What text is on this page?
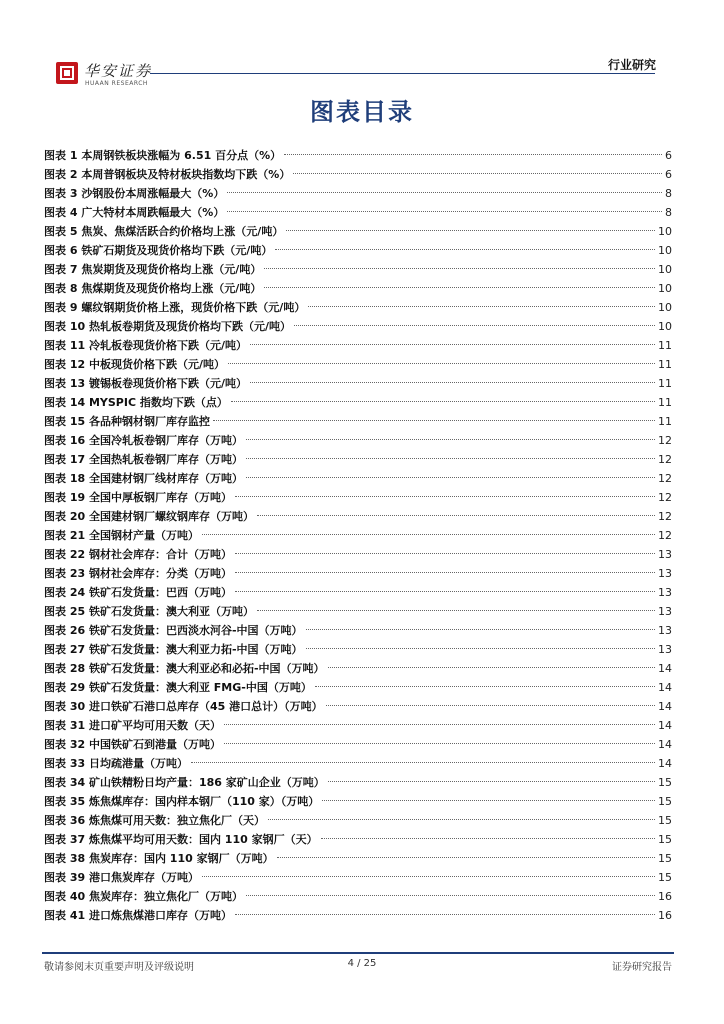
华安证券
HUAAN RESEARCH
行业研究
图表目录
图表 1 本周钢铁板块涨幅为 6.51 百分点（%）	6
图表 2 本周普钢板块及特材板块指数均下跌（%）	6
图表 3 沙钢股份本周涨幅最大（%）	8
图表 4 广大特材本周跌幅最大（%）	8
图表 5 焦炭、焦煤活跃合约价格均上涨（元/吨）	10
图表 6 铁矿石期货及现货价格均下跌（元/吨）	10
图表 7 焦炭期货及现货价格均上涨（元/吨）	10
图表 8 焦煤期货及现货价格均上涨（元/吨）	10
图表 9 螺纹钢期货价格上涨，现货价格下跌（元/吨）	10
图表 10 热轧板卷期货及现货价格均下跌（元/吨）	10
图表 11 冷轧板卷现货价格下跌（元/吨）	11
图表 12 中板现货价格下跌（元/吨）	11
图表 13 镀锡板卷现货价格下跌（元/吨）	11
图表 14 MYSPIC 指数均下跌（点）	11
图表 15 各品种钢材钢厂库存监控	11
图表 16 全国冷轧板卷钢厂库存（万吨）	12
图表 17 全国热轧板卷钢厂库存（万吨）	12
图表 18 全国建材钢厂线材库存（万吨）	12
图表 19 全国中厚板钢厂库存（万吨）	12
图表 20 全国建材钢厂螺纹钢库存（万吨）	12
图表 21 全国钢材产量（万吨）	12
图表 22 钢材社会库存：合计（万吨）	13
图表 23 钢材社会库存：分类（万吨）	13
图表 24 铁矿石发货量：巴西（万吨）	13
图表 25 铁矿石发货量：澳大利亚（万吨）	13
图表 26 铁矿石发货量：巴西淡水河谷-中国（万吨）	13
图表 27 铁矿石发货量：澳大利亚力拓-中国（万吨）	13
图表 28 铁矿石发货量：澳大利亚必和必拓-中国（万吨）	14
图表 29 铁矿石发货量：澳大利亚 FMG-中国（万吨）	14
图表 30 进口铁矿石港口总库存（45 港口总计）（万吨）	14
图表 31 进口矿平均可用天数（天）	14
图表 32 中国铁矿石到港量（万吨）	14
图表 33 日均疏港量（万吨）	14
图表 34 矿山铁精粉日均产量：186 家矿山企业（万吨）	15
图表 35 炼焦煤库存：国内样本钢厂（110 家）（万吨）	15
图表 36 炼焦煤可用天数：独立焦化厂（天）	15
图表 37 炼焦煤平均可用天数：国内 110 家钢厂（天）	15
图表 38 焦炭库存：国内 110 家钢厂（万吨）	15
图表 39 港口焦炭库存（万吨）	15
图表 40 焦炭库存：独立焦化厂（万吨）	16
图表 41 进口炼焦煤港口库存（万吨）	16
敬请参阅末页重要声明及评级说明	4 / 25	证券研究报告
